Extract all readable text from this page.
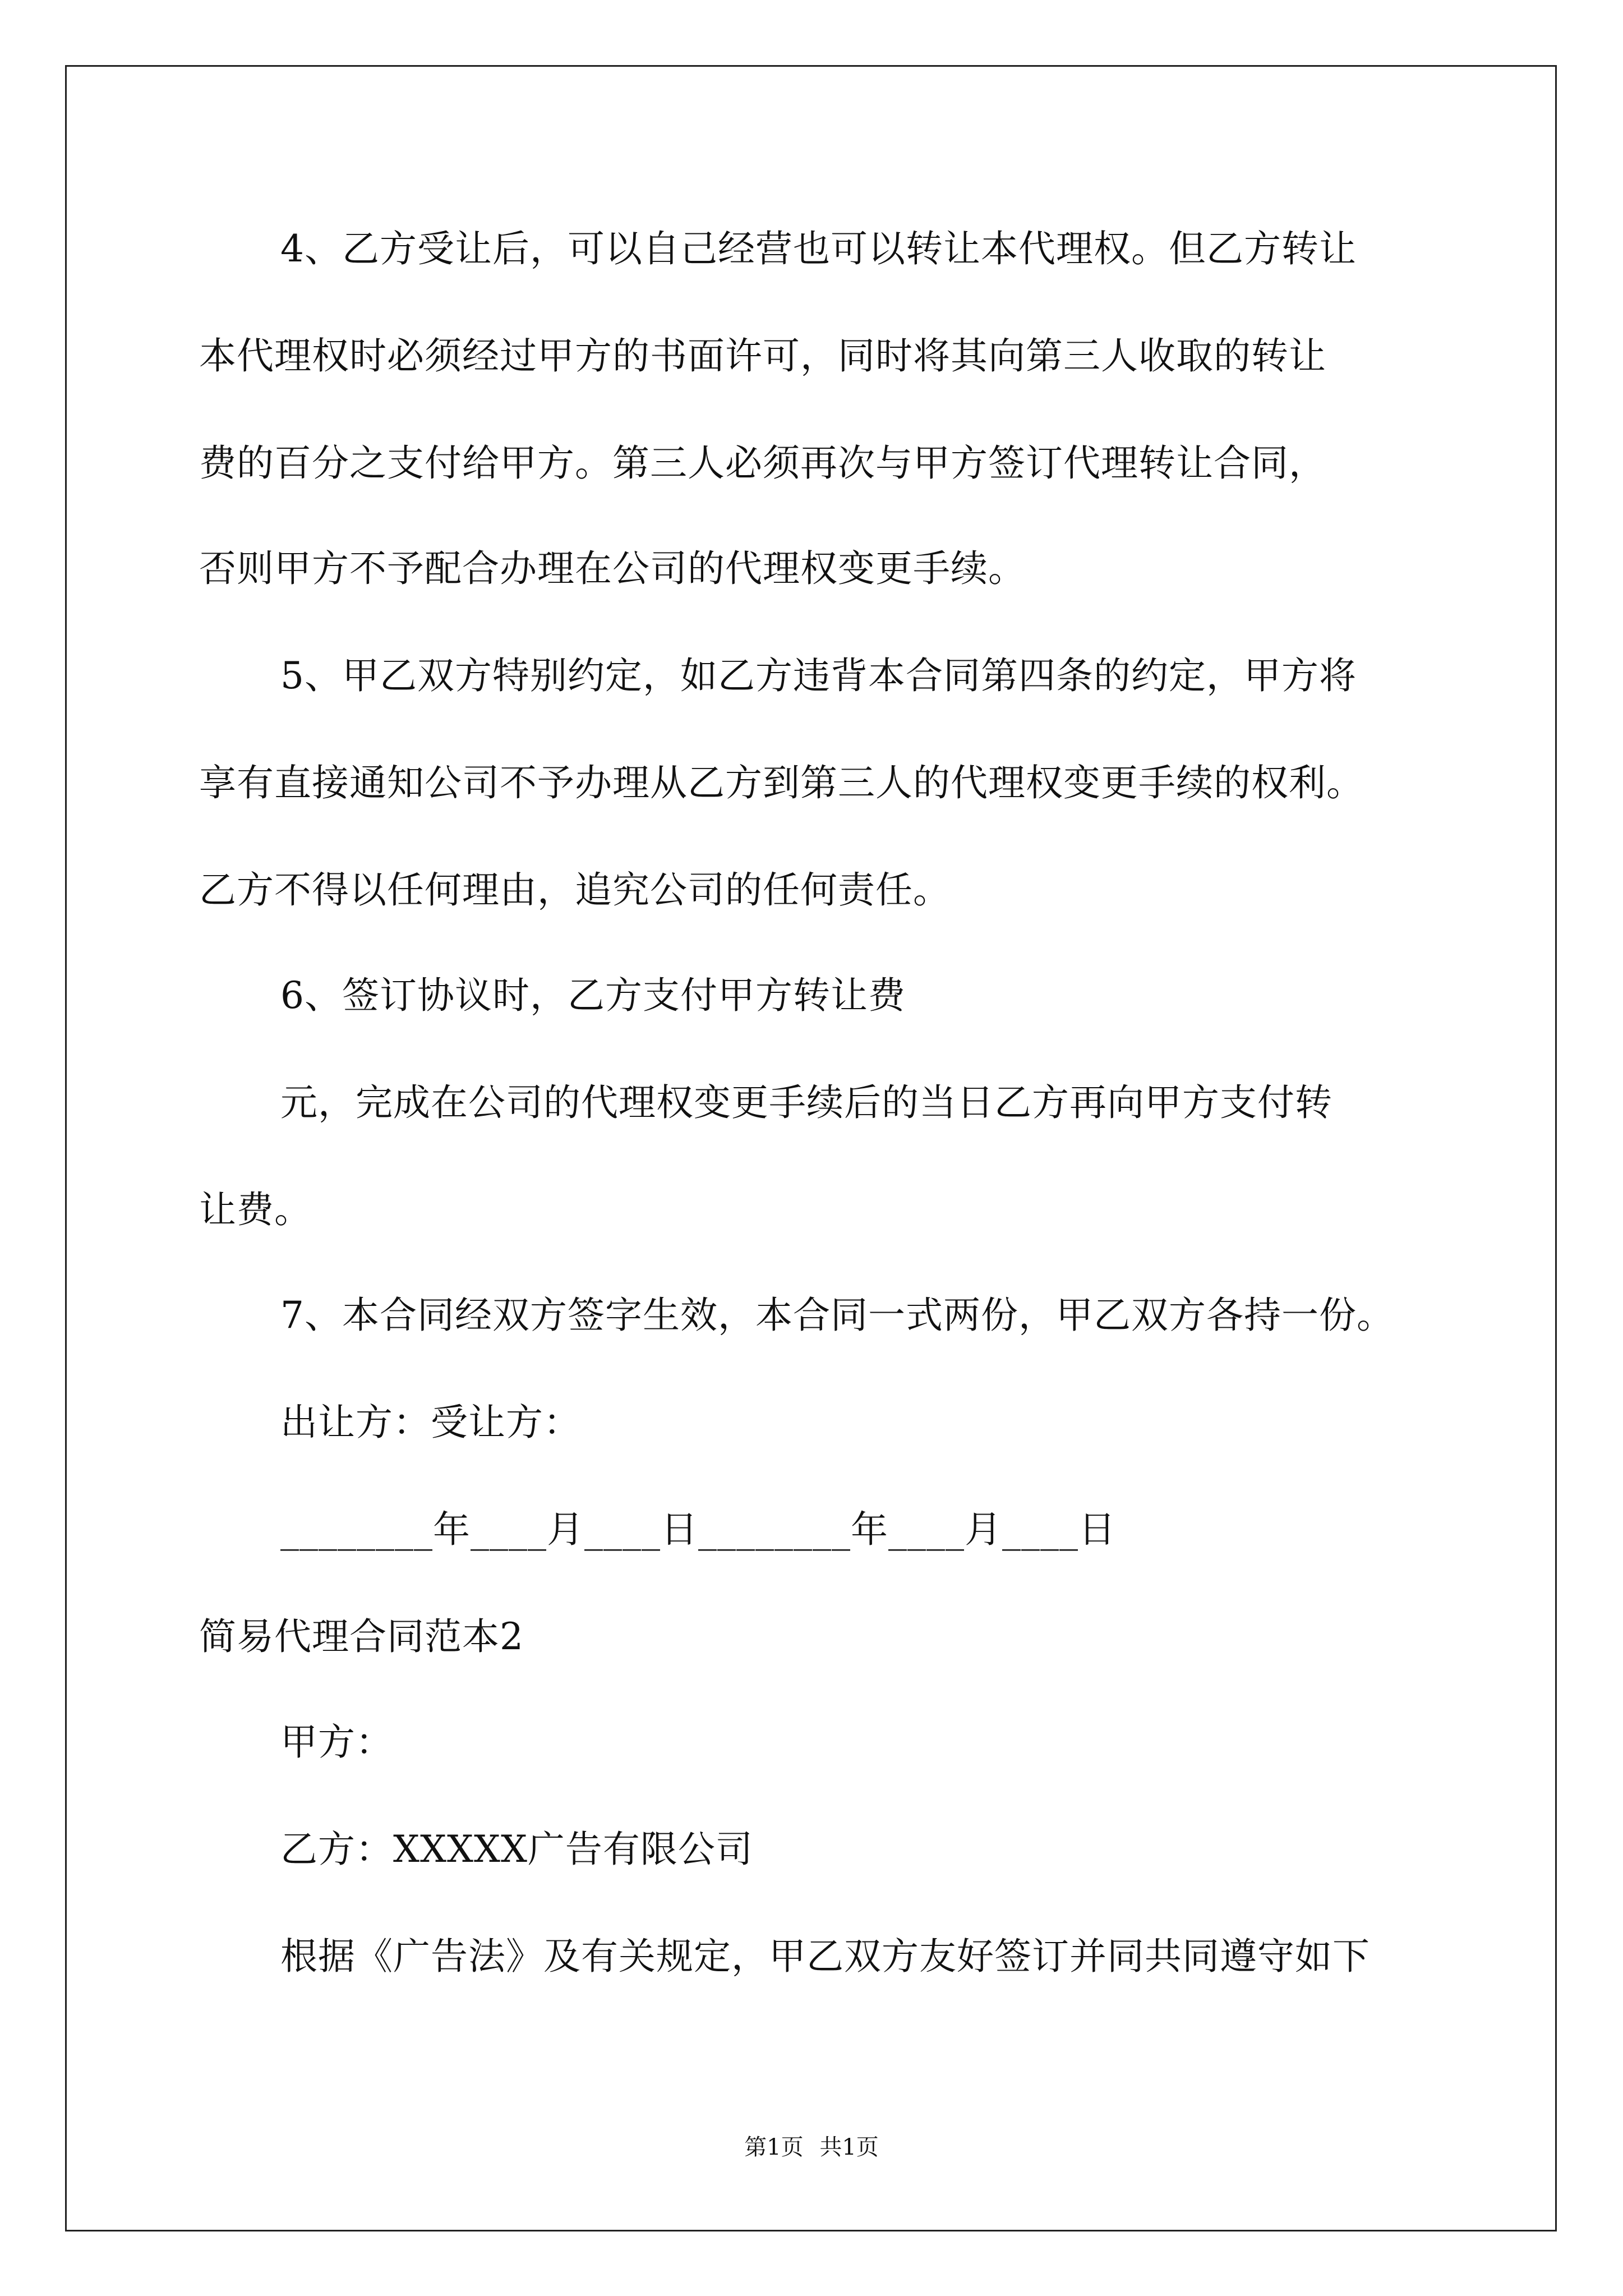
4、乙方受让后，可以自己经营也可以转让本代理权。但乙方转让
本代理权时必须经过甲方的书面许可，同时将其向第三人收取的转让
费的百分之支付给甲方。第三人必须再次与甲方签订代理转让合同，
否则甲方不予配合办理在公司的代理权变更手续。
5、甲乙双方特别约定，如乙方违背本合同第四条的约定，甲方将
享有直接通知公司不予办理从乙方到第三人的代理权变更手续的权利。
乙方不得以任何理由，追究公司的任何责任。
6、签订协议时，乙方支付甲方转让费
元，完成在公司的代理权变更手续后的当日乙方再向甲方支付转
让费。
7、本合同经双方签字生效，本合同一式两份，甲乙双方各持一份。
出让方：受让方：
________年____月____日________年____月____日
简易代理合同范本2
甲方：
乙方：XXXXX广告有限公司
根据《广告法》及有关规定，甲乙双方友好签订并同共同遵守如下
第1页 共1页
